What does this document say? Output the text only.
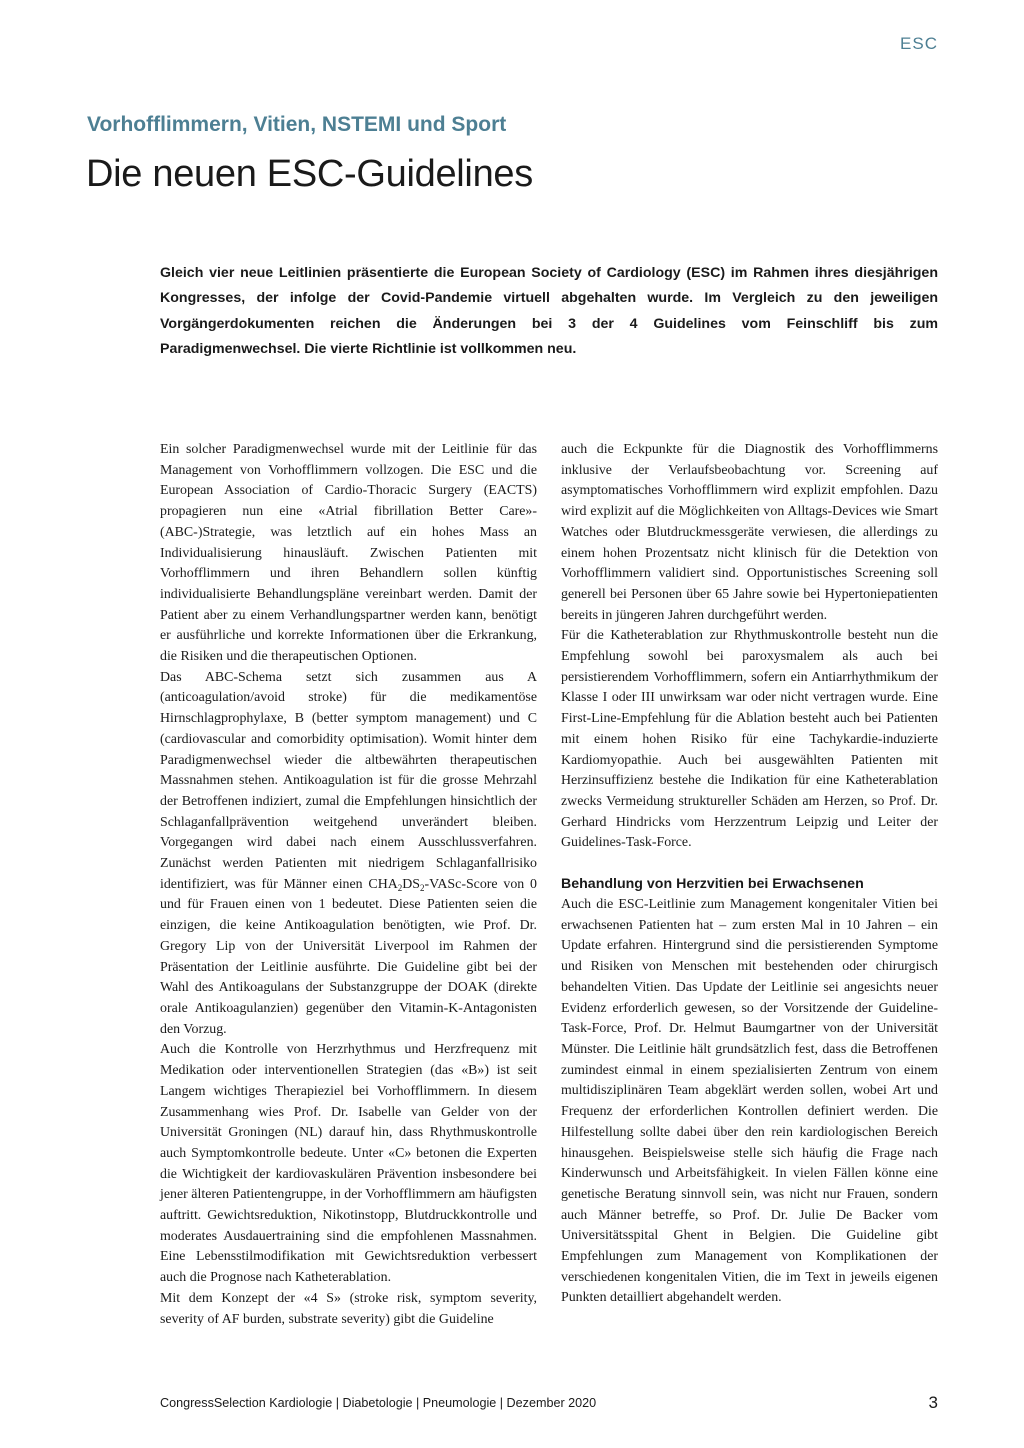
ESC
Vorhofflimmern, Vitien, NSTEMI und Sport
Die neuen ESC-Guidelines

Gleich vier neue Leitlinien präsentierte die European Society of Cardiology (ESC) im Rahmen ihres diesjährigen Kongresses, der infolge der Covid-Pandemie virtuell abgehalten wurde. Im Vergleich zu den jeweiligen Vorgängerdokumenten reichen die Änderungen bei 3 der 4 Guidelines vom Feinschliff bis zum Paradigmenwechsel. Die vierte Richtlinie ist vollkommen neu.

Ein solcher Paradigmenwechsel wurde mit der Leitlinie für das Management von Vorhofflimmern vollzogen. Die ESC und die European Association of Cardio-Thoracic Surgery (EACTS) propagieren nun eine «Atrial fibrillation Better Care»-(ABC-)Strategie, was letztlich auf ein hohes Mass an Individualisierung hinausläuft. Zwischen Patienten mit Vorhofflimmern und ihren Behandlern sollen künftig individualisierte Behandlungspläne vereinbart werden. Damit der Patient aber zu einem Verhandlungspartner werden kann, benötigt er ausführliche und korrekte Informationen über die Erkrankung, die Risiken und die therapeutischen Optionen.

Das ABC-Schema setzt sich zusammen aus A (anticoagulation/avoid stroke) für die medikamentöse Hirnschlagprophylaxe, B (better symptom management) und C (cardiovascular and comorbidity optimisation). Womit hinter dem Paradigmenwechsel wieder die altbewährten therapeutischen Massnahmen stehen. Antikoagulation ist für die grosse Mehrzahl der Betroffenen indiziert, zumal die Empfehlungen hinsichtlich der Schlaganfallprävention weitgehend unverändert bleiben. Vorgegangen wird dabei nach einem Ausschlussverfahren. Zunächst werden Patienten mit niedrigem Schlaganfallrisiko identifiziert, was für Männer einen $CHA_2DS_2-VASc$-Score von 0 und für Frauen einen von 1 bedeutet. Diese Patienten seien die einzigen, die keine Antikoagulation benötigten, wie Prof. Dr. Gregory Lip von der Universität Liverpool im Rahmen der Präsentation der Leitlinie ausführte. Die Guideline gibt bei der Wahl des Antikoagulans der Substanzgruppe der DOAK (direkte orale Antikoagulanzien) gegenüber den Vitamin-K-Antagonisten den Vorzug.

Auch die Kontrolle von Herzrhythmus und Herzfrequenz mit Medikation oder interventionellen Strategien (das «B») ist seit Langem wichtiges Therapieziel bei Vorhofflimmern. In diesem Zusammenhang wies Prof. Dr. Isabelle van Gelder von der Universität Groningen (NL) darauf hin, dass Rhythmuskontrolle auch Symptomkontrolle bedeute. Unter «C» betonen die Experten die Wichtigkeit der kardiovaskulären Prävention insbesondere bei jener älteren Patientengruppe, in der Vorhofflimmern am häufigsten auftritt. Gewichtsreduktion, Nikotinstopp, Blutdruckkontrolle und moderates Ausdauertraining sind die empfohlenen Massnahmen. Eine Lebensstilmodifikation mit Gewichtsreduktion verbessert auch die Prognose nach Katheterablation.

Mit dem Konzept der «4 S» (stroke risk, symptom severity, severity of AF burden, substrate severity) gibt die Guideline

auch die Eckpunkte für die Diagnostik des Vorhofflimmerns inklusive der Verlaufsbeobachtung vor. Screening auf asymptomatisches Vorhofflimmern wird explizit empfohlen. Dazu wird explizit auf die Möglichkeiten von Alltags-Devices wie Smart Watches oder Blutdruckmessgeräte verwiesen, die allerdings zu einem hohen Prozentsatz nicht klinisch für die Detektion von Vorhofflimmern validiert sind. Opportunistisches Screening soll generell bei Personen über 65 Jahre sowie bei Hypertoniepatienten bereits in jüngeren Jahren durchgeführt werden.

Für die Katheterablation zur Rhythmuskontrolle besteht nun die Empfehlung sowohl bei paroxysmalem als auch bei persistierendem Vorhofflimmern, sofern ein Antiarrhythmikum der Klasse I oder III unwirksam war oder nicht vertragen wurde. Eine First-Line-Empfehlung für die Ablation besteht auch bei Patienten mit einem hohen Risiko für eine Tachykardie-induzierte Kardiomyopathie. Auch bei ausgewählten Patienten mit Herzinsuffizienz bestehe die Indikation für eine Katheterablation zwecks Vermeidung struktureller Schäden am Herzen, so Prof. Dr. Gerhard Hindricks vom Herzzentrum Leipzig und Leiter der Guidelines-Task-Force.

Behandlung von Herzvitien bei Erwachsenen

Auch die ESC-Leitlinie zum Management kongenitaler Vitien bei erwachsenen Patienten hat – zum ersten Mal in 10 Jahren – ein Update erfahren. Hintergrund sind die persistierenden Symptome und Risiken von Menschen mit bestehenden oder chirurgisch behandelten Vitien. Das Update der Leitlinie sei angesichts neuer Evidenz erforderlich gewesen, so der Vorsitzende der Guideline-Task-Force, Prof. Dr. Helmut Baumgartner von der Universität Münster. Die Leitlinie hält grundsätzlich fest, dass die Betroffenen zumindest einmal in einem spezialisierten Zentrum von einem multidisziplinären Team abgeklärt werden sollen, wobei Art und Frequenz der erforderlichen Kontrollen definiert werden. Die Hilfestellung sollte dabei über den rein kardiologischen Bereich hinausgehen. Beispielsweise stelle sich häufig die Frage nach Kinderwunsch und Arbeitsfähigkeit. In vielen Fällen könne eine genetische Beratung sinnvoll sein, was nicht nur Frauen, sondern auch Männer betreffe, so Prof. Dr. Julie De Backer vom Universitätsspital Ghent in Belgien. Die Guideline gibt Empfehlungen zum Management von Komplikationen der verschiedenen kongenitalen Vitien, die im Text in jeweils eigenen Punkten detailliert abgehandelt werden.

CongressSelection Kardiologie | Diabetologie | Pneumologie | Dezember 2020	3
